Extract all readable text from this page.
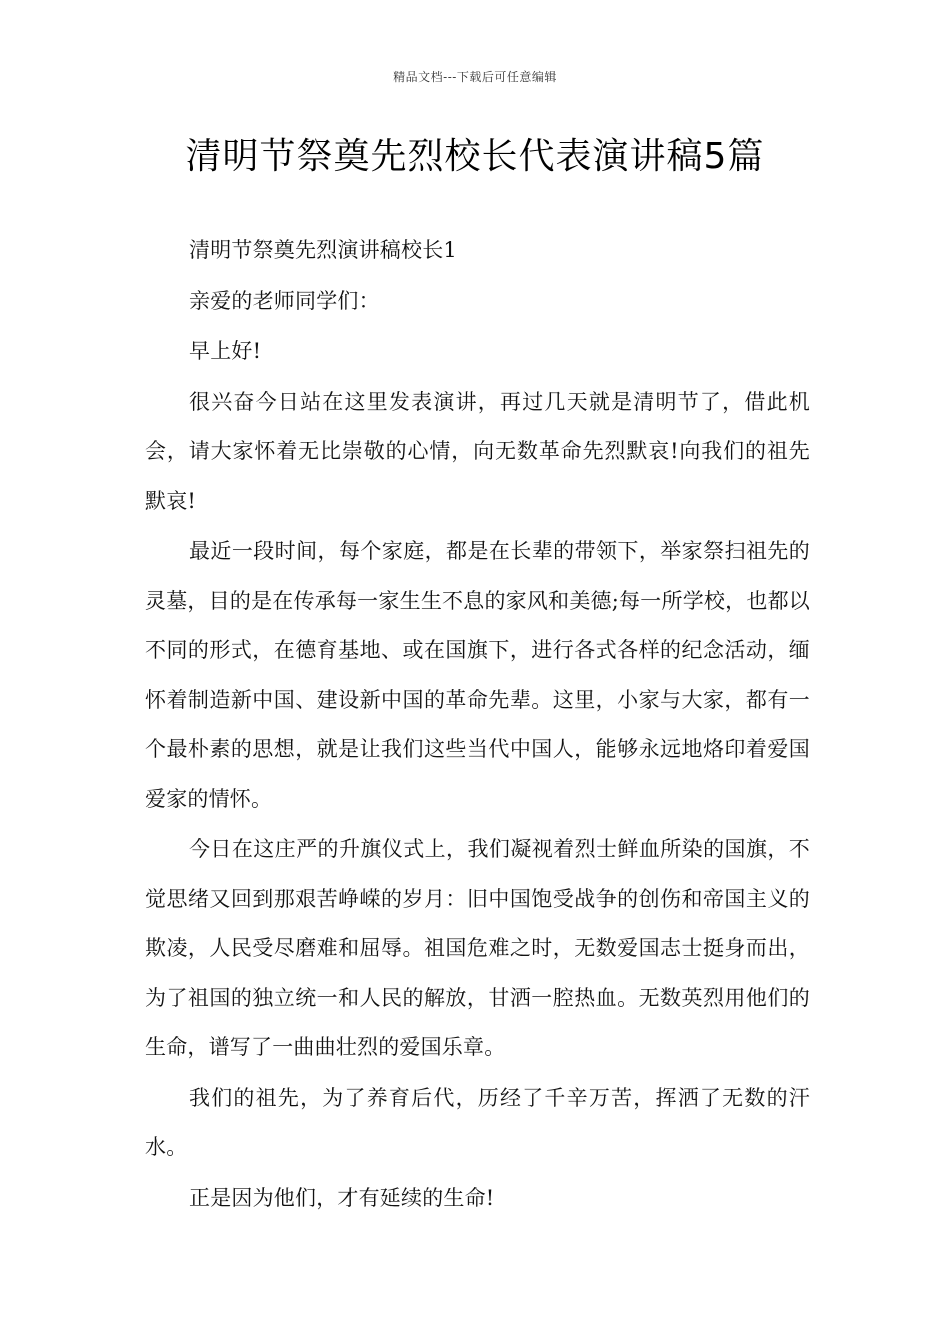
精品文档---下载后可任意编辑
清明节祭奠先烈校长代表演讲稿5篇

清明节祭奠先烈演讲稿校长1

亲爱的老师同学们：

早上好!

很兴奋今日站在这里发表演讲，再过几天就是清明节了，借此机会，请大家怀着无比崇敬的心情，向无数革命先烈默哀!向我们的祖先默哀!

最近一段时间，每个家庭，都是在长辈的带领下，举家祭扫祖先的灵墓，目的是在传承每一家生生不息的家风和美德;每一所学校，也都以不同的形式，在德育基地、或在国旗下，进行各式各样的纪念活动，缅怀着制造新中国、建设新中国的革命先辈。这里，小家与大家，都有一个最朴素的思想，就是让我们这些当代中国人，能够永远地烙印着爱国爱家的情怀。

今日在这庄严的升旗仪式上，我们凝视着烈士鲜血所染的国旗，不觉思绪又回到那艰苦峥嵘的岁月：旧中国饱受战争的创伤和帝国主义的欺凌，人民受尽磨难和屈辱。祖国危难之时，无数爱国志士挺身而出，为了祖国的独立统一和人民的解放，甘洒一腔热血。无数英烈用他们的生命，谱写了一曲曲壮烈的爱国乐章。

我们的祖先，为了养育后代，历经了千辛万苦，挥洒了无数的汗水。

正是因为他们，才有延续的生命!
